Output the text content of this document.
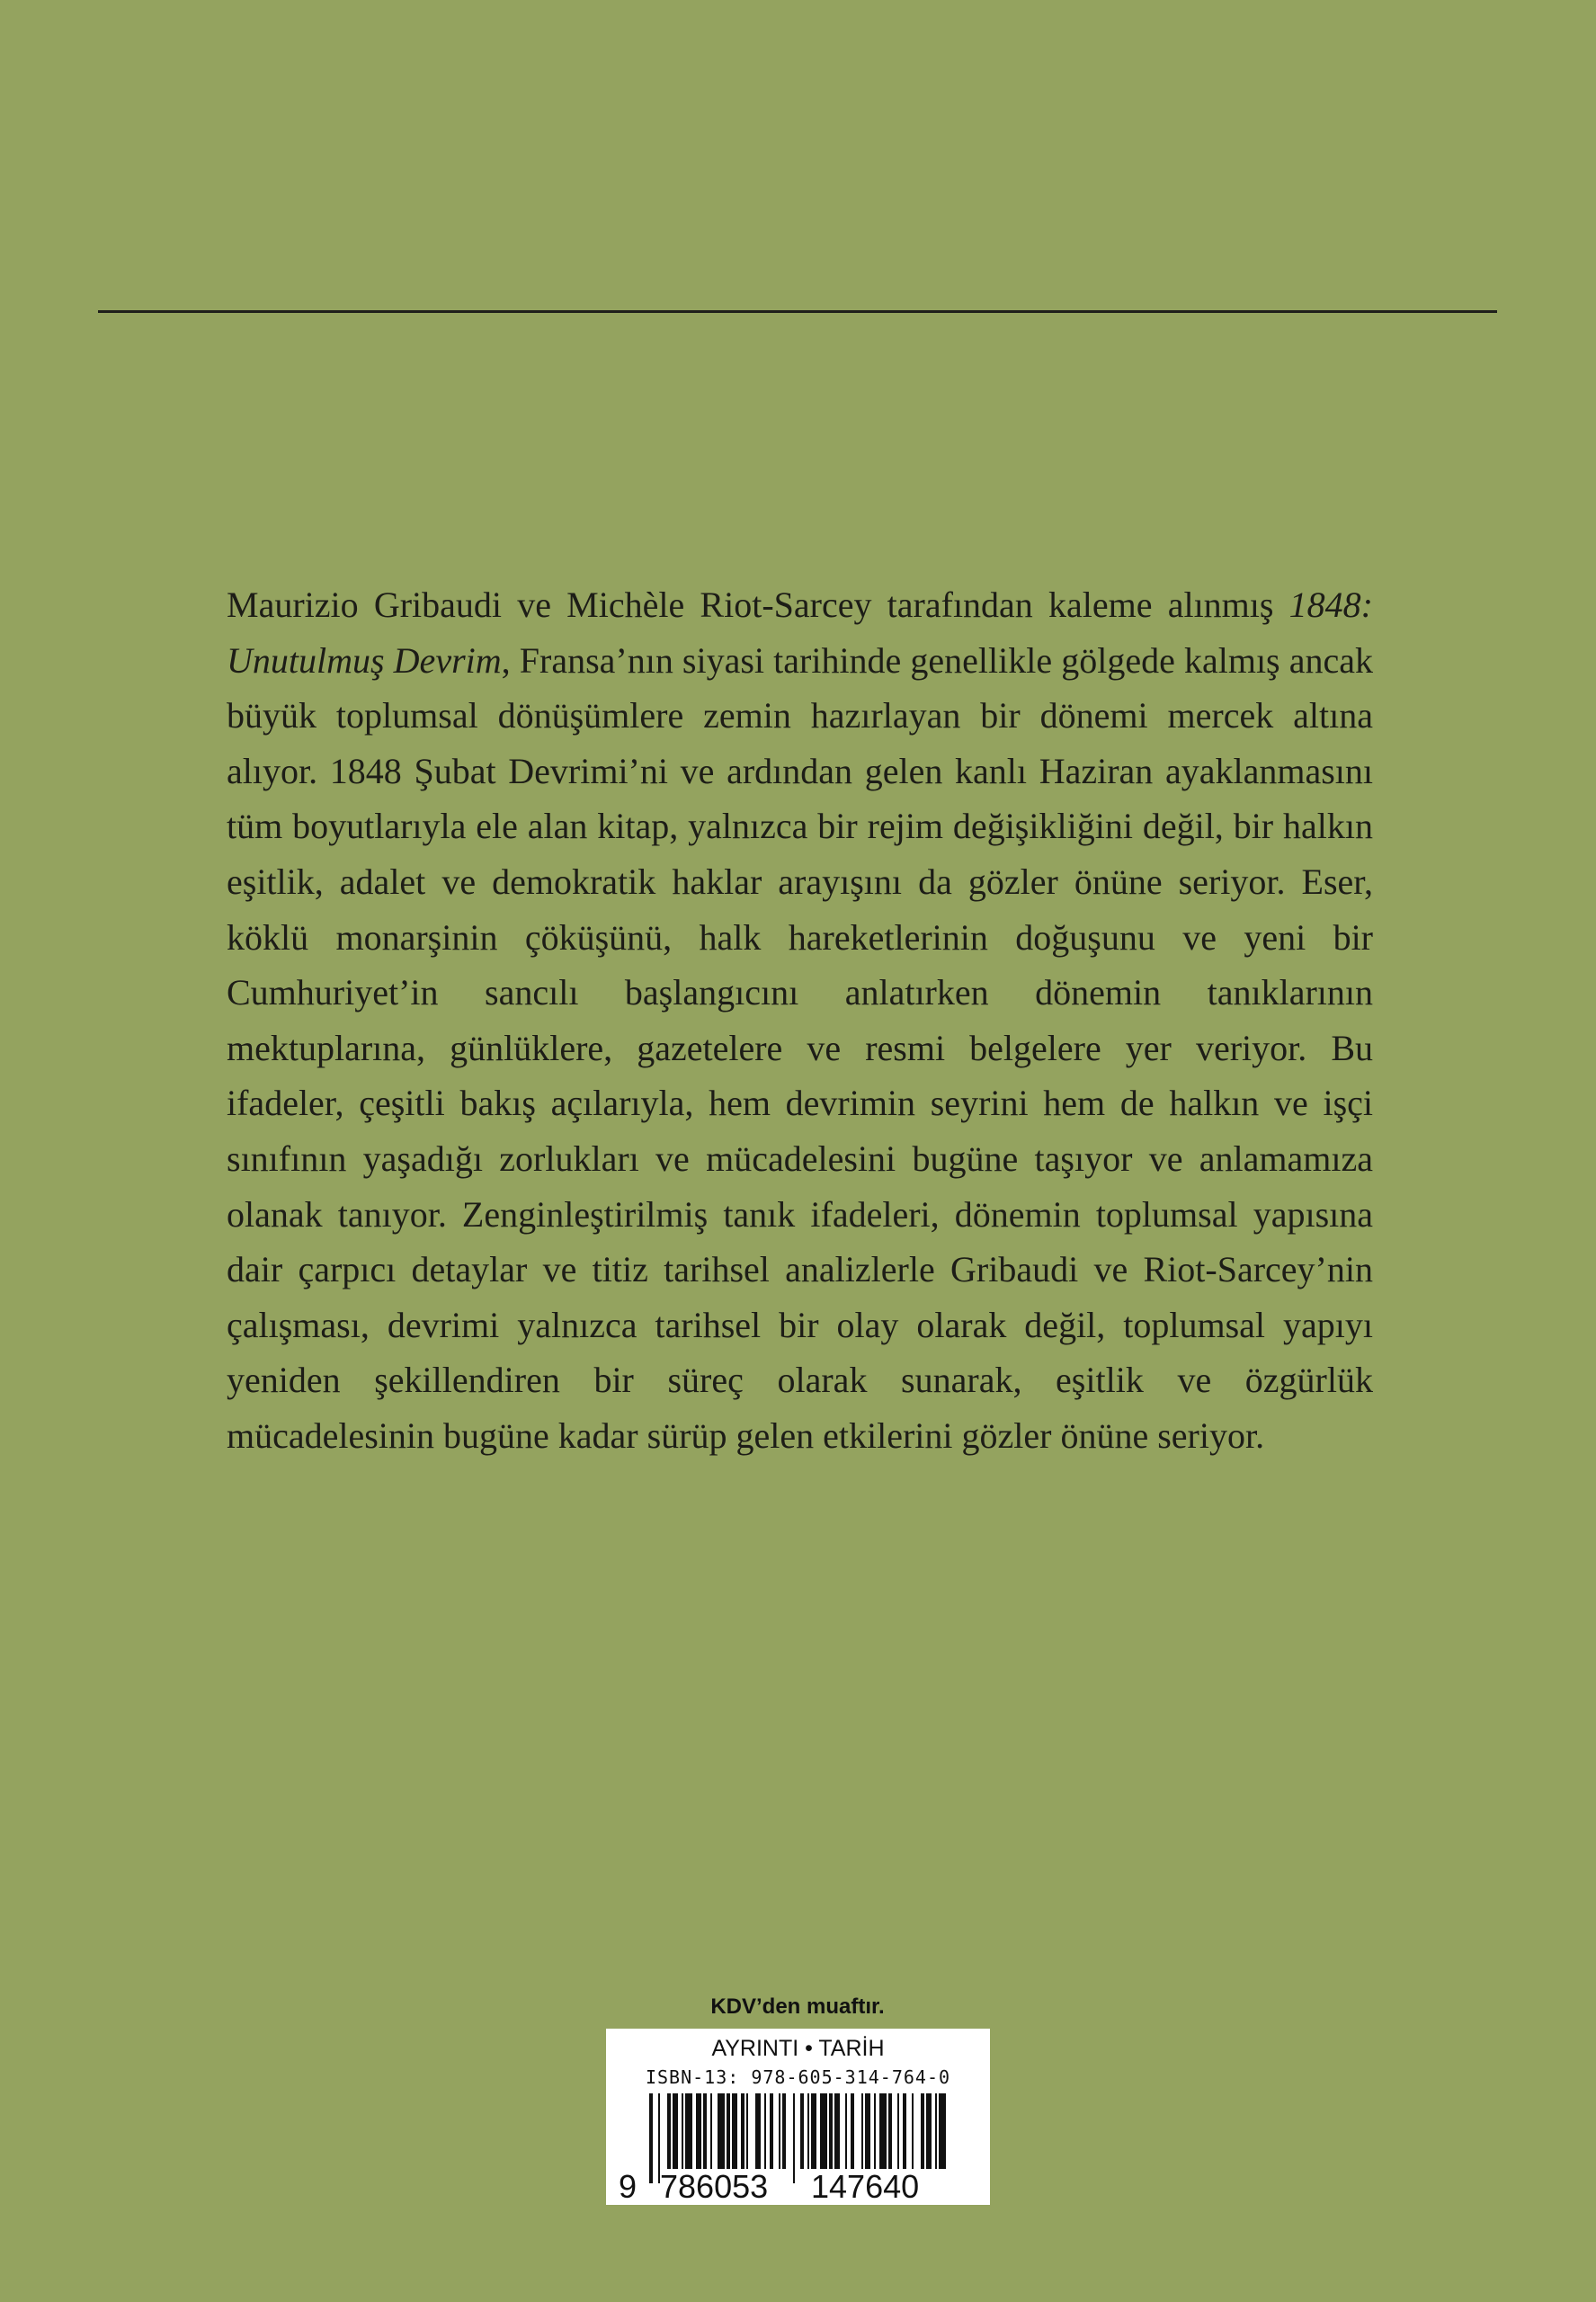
Maurizio Gribaudi ve Michèle Riot-Sarcey tarafından kaleme alınmış 1848: Unutulmuş Devrim, Fransa’nın siyasi tarihinde genellikle gölgede kalmış ancak büyük toplumsal dönüşümlere zemin hazırlayan bir dönemi mercek altına alıyor. 1848 Şubat Devrimi’ni ve ardından gelen kanlı Haziran ayaklanmasını tüm boyutlarıyla ele alan kitap, yalnızca bir rejim değişikliğini değil, bir halkın eşitlik, adalet ve demokratik haklar arayışını da gözler önüne seriyor. Eser, köklü monarşinin çöküşünü, halk hareketlerinin doğuşunu ve yeni bir Cumhuriyet’in sancılı başlangıcını anlatırken dönemin tanıklarının mektuplarına, günlüklere, gazetelere ve resmi belgelere yer veriyor. Bu ifadeler, çeşitli bakış açılarıyla, hem devrimin seyrini hem de halkın ve işçi sınıfının yaşadığı zorlukları ve mücadelesini bugüne taşıyor ve anlamamıza olanak tanıyor. Zenginleştirilmiş tanık ifadeleri, dönemin toplumsal yapısına dair çarpıcı detaylar ve titiz tarihsel analizlerle Gribaudi ve Riot-Sarcey’nin çalışması, devrimi yalnızca tarihsel bir olay olarak değil, toplumsal yapıyı yeniden şekillendiren bir süreç olarak sunarak, eşitlik ve özgürlük mücadelesinin bugüne kadar sürüp gelen etkilerini gözler önüne seriyor.

KDV’den muaftır.
AYRINTI • TARİH
ISBN-13: 978-605-314-764-0
9 786053 147640
